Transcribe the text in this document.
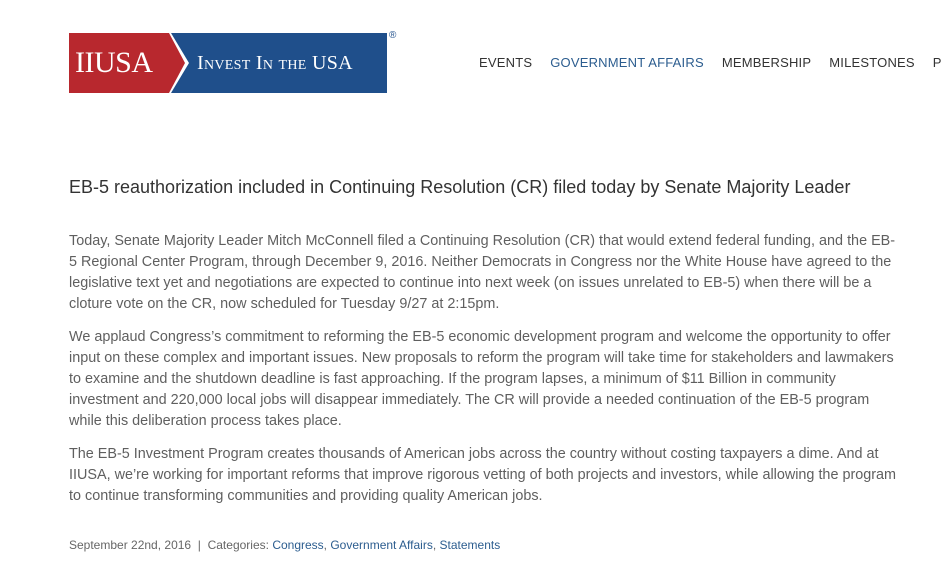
IIUSA Invest In the USA
®
EVENTS GOVERNMENT AFFAIRS MEMBERSHIP MILESTONES P
EB-5 reauthorization included in Continuing Resolution (CR) filed today by Senate Majority Leader

Today, Senate Majority Leader Mitch McConnell filed a Continuing Resolution (CR) that would extend federal funding, and the EB-5 Regional Center Program, through December 9, 2016. Neither Democrats in Congress nor the White House have agreed to the legislative text yet and negotiations are expected to continue into next week (on issues unrelated to EB-5) when there will be a cloture vote on the CR, now scheduled for Tuesday 9/27 at 2:15pm.

We applaud Congress’s commitment to reforming the EB-5 economic development program and welcome the opportunity to offer input on these complex and important issues. New proposals to reform the program will take time for stakeholders and lawmakers to examine and the shutdown deadline is fast approaching. If the program lapses, a minimum of $11 Billion in community investment and 220,000 local jobs will disappear immediately. The CR will provide a needed continuation of the EB-5 program while this deliberation process takes place.

The EB-5 Investment Program creates thousands of American jobs across the country without costing taxpayers a dime. And at IIUSA, we’re working for important reforms that improve rigorous vetting of both projects and investors, while allowing the program to continue transforming communities and providing quality American jobs.

September 22nd, 2016 | Categories: Congress, Government Affairs, Statements
